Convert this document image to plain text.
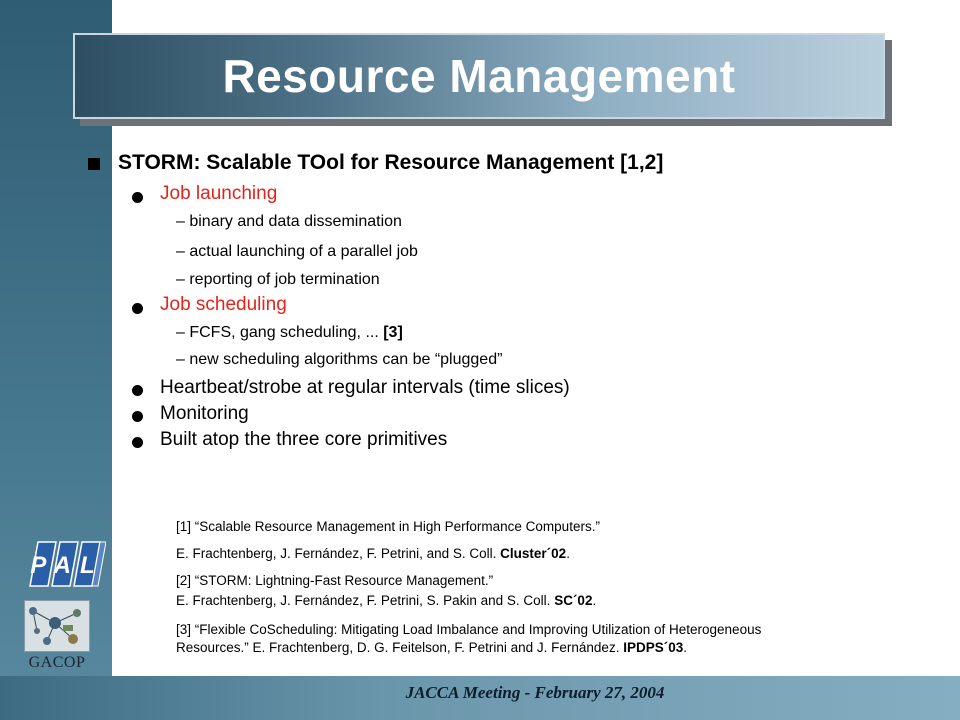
JACCA Meeting - February 27, 2004
Resource Management
STORM: Scalable TOol for Resource Management [1,2]
Job launching
– binary and data dissemination
– actual launching of a parallel job
– reporting of job termination
Job scheduling
– FCFS, gang scheduling, ... [3]
– new scheduling algorithms can be “plugged”
Heartbeat/strobe at regular intervals (time slices)
Monitoring
Built atop the three core primitives
[1] “Scalable Resource Management in High Performance Computers.”
E. Frachtenberg, J. Fernández, F. Petrini, and S. Coll. Cluster´02.
[2] “STORM: Lightning-Fast Resource Management.”
E. Frachtenberg, J. Fernández, F. Petrini, S. Pakin and S. Coll. SC´02.
[3] “Flexible CoScheduling: Mitigating Load Imbalance and Improving Utilization of Heterogeneous
Resources.” E. Frachtenberg, D. G. Feitelson, F. Petrini and J. Fernández. IPDPS´03.
PAL
GACOP
